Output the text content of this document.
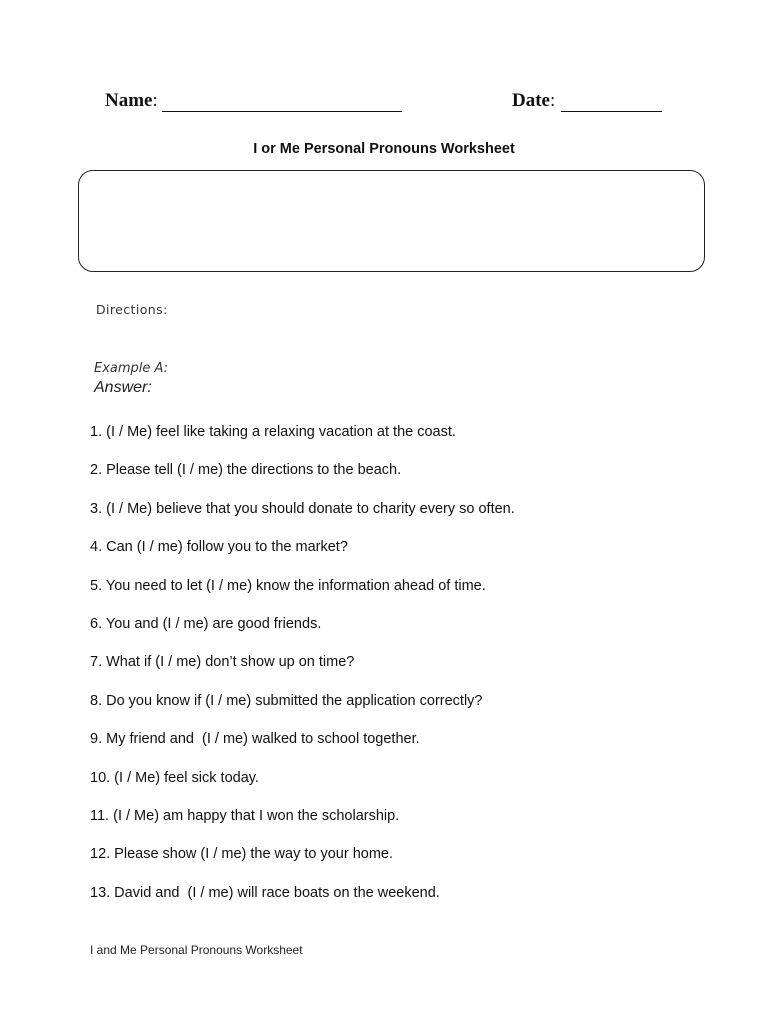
Name:	Date:
I or Me Personal Pronouns Worksheet
Directions:
Example A:
Answer:
1. (I / Me) feel like taking a relaxing vacation at the coast.
2. Please tell (I / me) the directions to the beach.
3. (I / Me) believe that you should donate to charity every so often.
4. Can (I / me) follow you to the market?
5. You need to let (I / me) know the information ahead of time.
6. You and (I / me) are good friends.
7. What if (I / me) don’t show up on time?
8. Do you know if (I / me) submitted the application correctly?
9. My friend and  (I / me) walked to school together.
10. (I / Me) feel sick today.
11. (I / Me) am happy that I won the scholarship.
12. Please show (I / me) the way to your home.
13. David and  (I / me) will race boats on the weekend.
I and Me Personal Pronouns Worksheet
